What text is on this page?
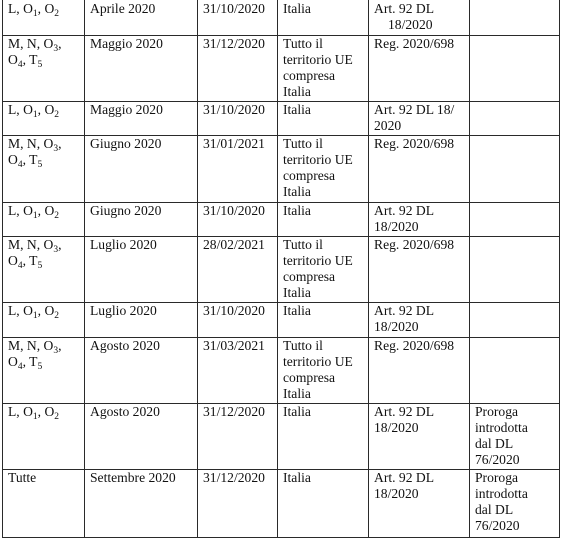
L, $O_1$, $O_2$	Aprile 2020	31/10/2020	Italia	Art. 92 DL
18/2020	

M, N, $O_3$,
$O_4$, $T_5$	Maggio 2020	31/12/2020	Tutto il
territorio UE
compresa
Italia	Reg. 2020/698	

L, $O_1$, $O_2$	Maggio 2020	31/10/2020	Italia	Art. 92 DL 18/
2020	

M, N, $O_3$,
$O_4$, $T_5$	Giugno 2020	31/01/2021	Tutto il
territorio UE
compresa
Italia	Reg. 2020/698	

L, $O_1$, $O_2$	Giugno 2020	31/10/2020	Italia	Art. 92 DL
18/2020	

M, N, $O_3$,
$O_4$, $T_5$	Luglio 2020	28/02/2021	Tutto il
territorio UE
compresa
Italia	Reg. 2020/698	

L, $O_1$, $O_2$	Luglio 2020	31/10/2020	Italia	Art. 92 DL
18/2020	

M, N, $O_3$,
$O_4$, $T_5$	Agosto 2020	31/03/2021	Tutto il
territorio UE
compresa
Italia	Reg. 2020/698	

L, $O_1$, $O_2$	Agosto 2020	31/12/2020	Italia	Art. 92 DL
18/2020	Proroga
introdotta
dal DL
76/2020

Tutte	Settembre 2020	31/12/2020	Italia	Art. 92 DL
18/2020	Proroga
introdotta
dal DL
76/2020
